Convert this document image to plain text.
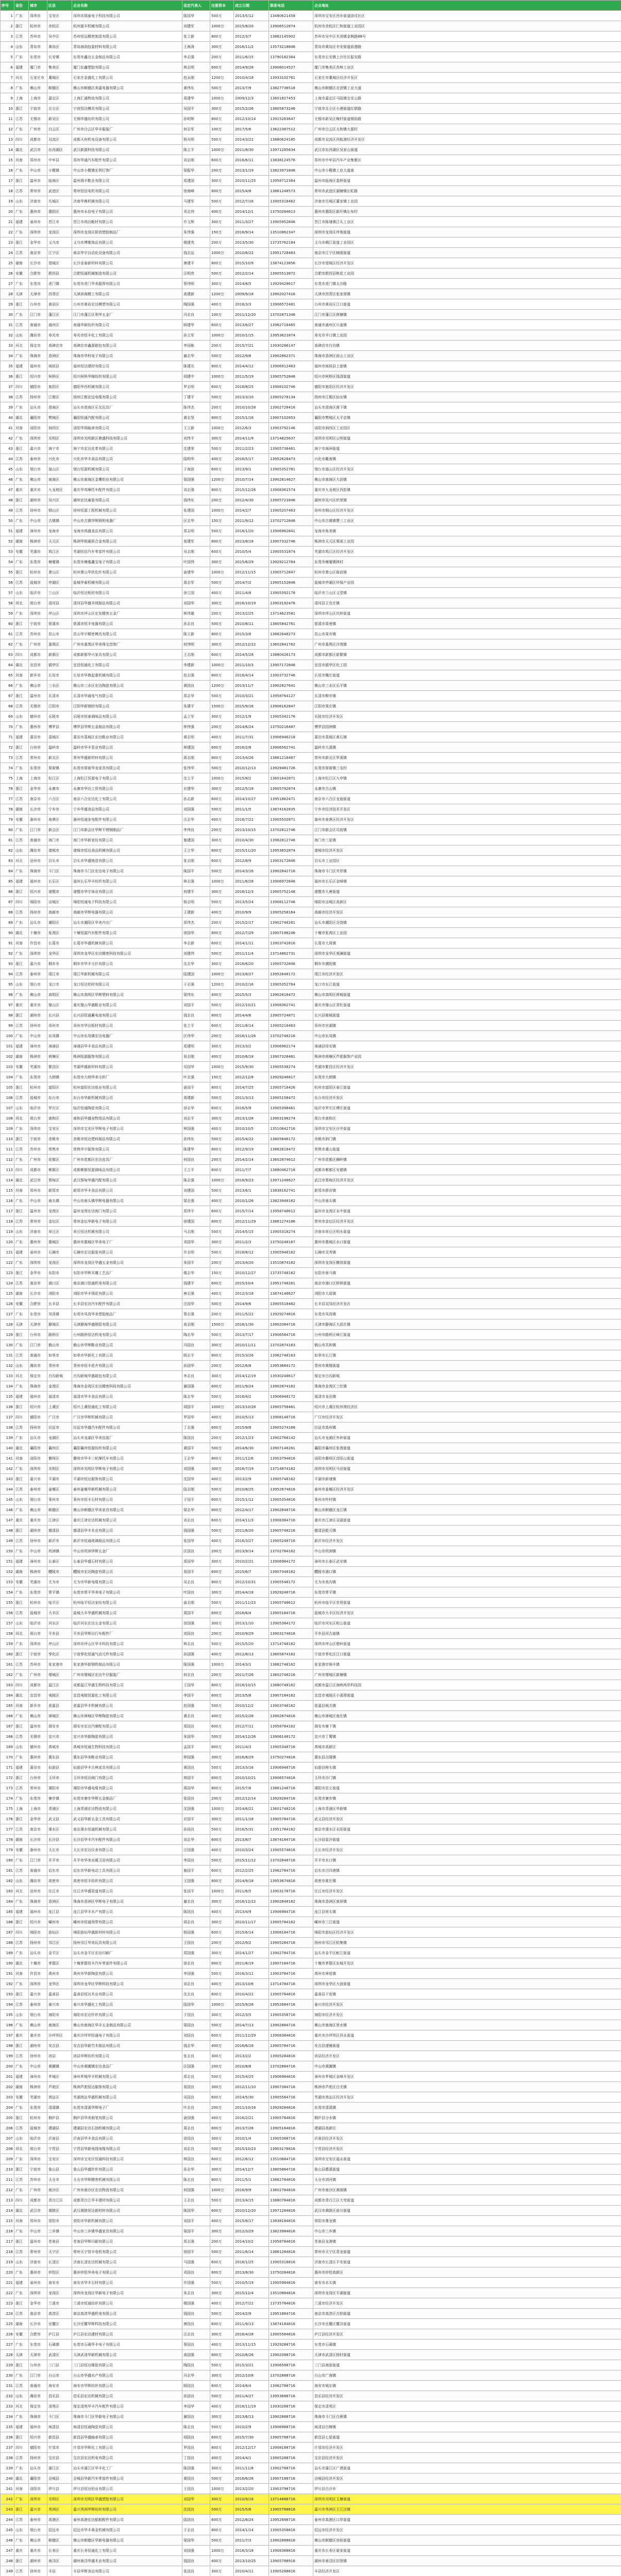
序号	省份	城市	区县	企业名称	法定代表人	注册资本	成立日期	联系电话	企业地址
1	广东	深圳市	宝安区	深圳市瑞泰电子科技有限公司	陈国华	500万	2013/5/12	13480621458	深圳市宝安区西乡街道固戍社区
2	浙江	杭州市	余杭区	杭州源丰机械有限公司	刘建军	1000万	2015/8/20	13906512874	杭州市余杭区仁和街道工业园区
3	江苏	苏州市	吴中区	苏州恒远精密制造有限公司	张立新	800万	2012/3/7	13862145902	苏州市吴中区木渎镇金枫路88号
4	山东	青岛市	黄岛区	青岛海润包装材料有限公司	王海涛	300万	2016/11/2	13573218846	青岛市黄岛区辛安街道前港路
5	广东	东莞市	长安镇	东莞市鑫达五金制品有限公司	李志强	200万	2011/6/15	13790182364	东莞市长安镇上沙社区振安路
6	福建	厦门市	集美区	厦门宏鑫塑胶有限公司	林志明	600万	2014/9/28	13906014527	厦门市集美区杏林工业区
7	河北	石家庄市	藁城区	石家庄金盛化工有限公司	赵永刚	1200万	2010/4/18	13933102761	石家庄市藁城区经济开发区
8	广东	佛山市	顺德区	佛山市顺德区美嘉电器有限公司	黄伟东	500万	2013/7/9	13827736518	佛山市顺德区北滘镇工业大道
9	上海	上海市	嘉定区	上海汇通物流有限公司	周建华	1000万	2009/12/3	13601827453	上海市嘉定区马陆镇宝安公路
10	浙江	宁波市	北仑区	宁波恒达模具有限公司	吴国平	300万	2015/2/26	13805873246	宁波市北仑区小港街道红联路
11	江苏	无锡市	新吴区	无锡华盛纺织有限公司	孙明辉	800万	2012/10/14	13915283647	无锡市新吴区梅村街道锡协路
12	广东	广州市	白云区	广州市白云区华丰服装厂	何志军	100万	2017/5/6	13622387512	广州市白云区太和镇大源村
13	四川	成都市	双流区	成都天府机电设备有限公司	杨光明	500万	2014/3/22	13880624185	成都市双流区西航港经济开发区
14	湖北	武汉市	东西湖区	武汉新源科技有限公司	陈立平	1000万	2011/8/30	13971285634	武汉市东西湖区吴家山街道
15	河南	郑州市	中牟县	郑州华通汽车配件有限公司	刘志刚	600万	2016/6/11	13838124576	郑州市中牟县汽车产业集聚区
16	广东	中山市	小榄镇	中山市小榄镇宏利灯饰厂	梁振华	200万	2013/1/19	13823971846	中山市小榄镇工业大道南
17	浙江	温州市	瓯海区	温州瑞丰鞋业有限公司	郑建国	300万	2010/11/25	13958712364	温州市瓯海区娄桥街道
18	江苏	常州市	武进区	常州恒信电机有限公司	徐海峰	800万	2015/4/8	13861248573	常州市武进区湖塘镇长虹路
19	山东	济南市	历城区	济南华鼎机械有限公司	马建军	500万	2012/7/16	13905318462	济南市历城区董家镇工业园
20	广东	惠州市	惠阳区	惠州市永信电子有限公司	邓志伟	400万	2014/12/1	13750284613	惠州市惠阳区新圩镇长布村
21	福建	泉州市	晋江市	晋江市鸿达鞋材有限公司	许文辉	300万	2011/3/27	13905952846	晋江市陈埭镇江头工业区
22	广东	深圳市	龙岗区	深圳市龙岗区联创塑胶制品厂	朱伟强	150万	2016/9/14	13510862347	深圳市龙岗区坪地街道
23	浙江	金华市	义乌市	义乌市博雅饰品有限公司	楼建英	200万	2013/5/30	13735762184	义乌市稠江街道工业园区
24	江苏	南京市	江宁区	南京华宇自动化设备有限公司	钱志远	1000万	2010/6/22	13951728463	南京市江宁区秣陵街道
25	湖南	长沙市	望城区	长沙金泰新材料有限公司	唐建平	800万	2015/10/9	13874123856	长沙市望城区经济开发区
26	安徽	合肥市	肥西县	合肥恒通机械制造有限公司	汪明亮	500万	2012/2/14	13905513872	合肥市肥西县桃花工业园
27	广东	东莞市	虎门镇	东莞市虎门华美服饰有限公司	蔡伟明	300万	2014/8/5	13929428617	东莞市虎门镇太沙路
28	天津	天津市	西青区	天津滨海精工有限公司	高建新	1200万	2009/9/18	13902027416	天津市西青区张家窝镇
29	浙江	台州市	黄岩区	台州市黄岩宏达模塑有限公司	陶国强	400万	2016/3/3	13906572481	台州市黄岩区江口街道
30	广东	江门市	蓬江区	江门市蓬江区利华五金厂	冯志良	100万	2011/12/20	13702871346	江门市蓬江区荷塘镇
31	江苏	南通市	通州区	南通华新纺织有限公司	顾建华	600万	2013/6/27	13962718465	南通市通州区川姜镇
32	山东	潍坊市	寿光市	寿光市恒丰化工有限公司	孙立军	1000万	2010/1/15	13953621874	寿光市羊口镇工业园
33	河北	保定市	高碑店市	高碑店市鑫源箱包有限公司	李国栋	200万	2015/7/21	13930286147	高碑店市白沟镇
34	广东	珠海市	香洲区	珠海市华科电子有限公司	谢志华	500万	2012/9/6	13902862371	珠海市香洲区前山工业区
35	福建	福州市	闽侯县	福州恒达建材有限公司	陈建光	800万	2014/4/12	13906912463	福州市闽侯县上街镇
36	浙江	绍兴市	柯桥区	绍兴柯桥华锦纺织有限公司	胡建中	1000万	2011/5/19	13905752846	绍兴市柯桥区钱清街道
37	四川	德阳市	旌阳区	德阳华西机械有限公司	罗志明	600万	2016/8/25	13908102746	德阳市旌阳区经济开发区
38	江苏	扬州市	江都区	扬州江都宏远电缆有限公司	丁建平	500万	2013/3/10	13905278134	扬州市江都区仙女镇
39	广东	汕头市	澄海区	汕头市澄海区乐友玩具厂	陈伟杰	200万	2010/10/28	13902728416	汕头市澄海区莲下镇
40	湖北	襄阳市	樊城区	襄阳恒通汽配有限公司	黄志坚	800万	2015/1/16	13907102853	襄阳市樊城区太平店镇
41	河南	洛阳市	涧西区	洛阳华瑞轴承有限公司	王立新	1000万	2012/6/3	13903792146	洛阳市涧西区工业园区
42	广东	深圳市	光明区	深圳市光明新区鼎盛科技有限公司	刘伟平	300万	2014/11/9	13714825637	深圳市光明区公明街道
43	浙江	嘉兴市	海宁市	海宁市宏达皮革有限公司	沈建荣	500万	2011/2/23	13905738461	海宁市海洲街道
44	江苏	泰州市	兴化市	兴化市华丰食品有限公司	陆明华	400万	2016/5/17	13952628473	兴化市戴南镇
45	山东	烟台市	福山区	烟台恒源机械有限公司	于海波	600万	2013/9/1	13905352781	烟台市福山区经济开发区
46	广东	佛山市	南海区	佛山市南海区金鹰铝业有限公司	梁国强	1200万	2010/7/14	13902814627	佛山市南海区大沥镇
47	重庆	重庆市	九龙坡区	重庆华邦摩托车配件有限公司	刘志强	800万	2015/12/26	13908361574	重庆市九龙坡区西彭镇
48	浙江	湖州市	吴兴区	湖州宏达童装有限公司	钱伟东	200万	2012/4/30	13905721846	湖州市吴兴区织里镇
49	江苏	徐州市	铜山区	徐州恒源工程机械有限公司	张建国	1000万	2014/2/7	13905207463	徐州市铜山区经济开发区
50	广东	中山市	古镇镇	中山市古镇华辉照明电器厂	区志华	150万	2011/9/12	13702712846	中山市古镇镇曹三工业区
51	福建	漳州市	龙海市	龙海市鸿盛食品有限公司	郑志明	500万	2016/1/20	13906962841	龙海市角美镇
52	湖南	株洲市	天元区	株洲华锐硬质合金有限公司	易建军	800万	2013/8/18	13907332746	株洲市天元区栗雨工业园
53	安徽	芜湖市	鸠江区	芜湖恒信汽车零部件有限公司	吴志刚	600万	2010/5/4	13905531874	芜湖市鸠江区经济开发区
54	广东	东莞市	塘厦镇	东莞市塘厦鑫宝电子有限公司	叶国伟	300万	2015/6/29	13929212764	东莞市塘厦镇林村
55	浙江	杭州市	萧山区	杭州萧山华欣化纤有限公司	俞建华	1000万	2012/11/15	13905712847	杭州市萧山区衙前镇
56	江苏	盐城市	亭湖区	盐城华泰机械有限公司	周志军	500万	2014/7/2	13905152846	盐城市亭湖区环保产业园
57	山东	临沂市	兰山区	临沂恒达板材有限公司	徐立国	400万	2011/4/8	13905392178	临沂市兰山区义堂镇
58	河北	邢台市	清河县	清河县华盛羊绒制品有限公司	刘国华	300万	2016/10/19	13903192476	清河县王官庄镇
59	广东	深圳市	坪山区	深圳市坪山区宏发精密五金厂	林伟雄	200万	2013/2/25	13714623581	深圳市坪山区坑梓街道
60	浙江	宁波市	慈溪市	慈溪市恒丰电器有限公司	孙志良	500万	2010/8/11	13805842761	慈溪市周巷镇
61	江苏	苏州市	昆山市	昆山华宇精密模具有限公司	陈立新	800万	2015/3/6	13862648273	昆山市周市镇
62	广东	广州市	番禺区	广州市番禺区华美珠宝首饰厂	何伟明	300万	2012/12/22	13602841762	广州市番禺区沙湾镇
63	四川	成都市	新都区	成都新都华兴家具有限公司	王志刚	600万	2014/5/28	13880426173	成都市新都区新繁镇
64	湖北	宜昌市	猇亭区	宜昌恒通化工有限公司	李建新	1000万	2011/10/3	13907172846	宜昌市猇亭区化工园
65	河南	新乡市	长垣市	长垣市华鼎起重机械有限公司	赵志强	800万	2016/4/14	13903732746	长垣市魏庄街道
66	广东	佛山市	三水区	佛山市三水区宏达陶瓷有限公司	黄国良	1200万	2013/11/7	13902827641	佛山市三水区乐平镇
67	浙江	温州市	乐清市	乐清市华通电气有限公司	郑志华	500万	2010/3/21	13958764127	乐清市柳市镇
68	江苏	无锡市	江阴市	江阴华新钢材有限公司	朱建平	1500万	2015/9/16	13906162847	江阴市周庄镇
69	山东	德州市	乐陵市	乐陵市恒泰调味品有限公司	孟立军	300万	2012/1/9	13905342176	乐陵市经济开发区
70	广东	惠州市	博罗县	博罗县华辉五金制品有限公司	钟伟强	200万	2014/6/24	13750216487	博罗县园洲镇
71	福建	莆田市	荔城区	莆田市荔城区宏达鞋业有限公司	黄志明	400万	2011/7/31	13906946218	莆田市荔城区黄石镇
72	浙江	台州市	温岭市	温岭市华丰泵业有限公司	林建国	600万	2016/2/8	13906562741	温岭市大溪镇
73	江苏	常州市	新北区	常州华盛新材料有限公司	蒋志刚	800万	2013/4/26	13861218467	常州市新北区罗溪镇
74	广东	东莞市	厚街镇	东莞市厚街华龙家具有限公司	张伟华	500万	2010/12/13	13929481726	东莞市厚街镇三屯村
75	上海	上海市	松江区	上海松江恒源电子有限公司	沈立平	1000万	2015/8/2	13601642871	上海市松江区九亭镇
76	浙江	金华市	永康市	永康市华达工贸有限公司	应建华	300万	2012/5/18	13905792874	永康市古山镇
77	江苏	南京市	六合区	南京六合宏达化工有限公司	孙志新	600万	2014/10/27	13951862471	南京市六合区龙袍街道
78	湖南	长沙市	宁乡市	宁乡华盛食品有限公司	刘国强	500万	2011/1/5	13874162835	宁乡市经济技术开发区
79	安徽	滁州市	南谯区	滁州恒通家电配件有限公司	汪志华	400万	2016/7/22	13905502871	滁州市南谯区经济开发区
80	广东	江门市	新会区	江门市新会区华辉不锈钢制品厂	李伟良	200万	2013/10/15	13702812746	江门市新会区司前镇
81	江苏	南通市	海门市	海门市华新家纺有限公司	施建国	300万	2010/4/30	13962812746	海门市三星镇
82	山东	潍坊市	诸城市	诸城市恒达食品机械有限公司	王立华	800万	2015/11/20	13953652874	诸城市经济开发区
83	河北	沧州市	泊头市	泊头市华盛铸造有限公司	张志刚	600万	2012/8/9	13903172846	泊头市工业园区
84	广东	珠海市	斗门区	珠海市斗门区宏达电子有限公司	陈国平	500万	2014/3/16	13902842716	珠海市斗门区井岸镇
85	福建	福州市	长乐区	福州长乐华丰纺织有限公司	林志强	1000万	2011/6/28	13906972846	福州市长乐区金峰镇
86	浙江	绍兴市	诸暨市	诸暨市华宇袜业有限公司	何建平	300万	2016/12/3	13905752148	诸暨市大唐街道
87	四川	绵阳市	涪城区	绵阳恒通电子科技有限公司	杨志明	500万	2013/5/24	13908112746	绵阳市涪城区高新区
88	江苏	扬州市	高邮市	高邮市华辉电器有限公司	王建新	400万	2010/9/9	13905258164	高邮市经济开发区
89	广东	汕头市	潮阳区	汕头市潮阳区华美内衣厂	郑伟杰	200万	2015/2/17	13902748261	汕头市潮阳区谷饶镇
90	湖北	十堰市	张湾区	十堰恒源汽车配件有限公司	徐国华	800万	2012/7/29	13907198246	十堰市张湾区工业园
91	河南	许昌市	长葛市	长葛市华盛机械有限公司	李志新	600万	2014/1/11	13903742816	长葛市大周镇
92	广东	深圳市	龙华区	深圳市龙华区宏达精密科技有限公司	刘建伟	500万	2011/11/4	13714862731	深圳市龙华区观澜街道
93	浙江	嘉兴市	桐乡市	桐乡市华丰毛衫有限公司	沈志华	300万	2016/6/20	13905732846	桐乡市濮院镇
94	江苏	泰州市	靖江市	靖江华新机械有限公司	陆建国	1000万	2013/8/27	13952648172	靖江市经济开发区
95	山东	烟台市	龙口市	龙口恒达铝材有限公司	于志强	1200万	2010/2/16	13905352764	龙口市东江街道
96	广东	佛山市	高明区	佛山市高明区华辉塑料有限公司	梁伟东	400万	2015/5/3	13902816472	佛山市高明区荷城街道
97	重庆	重庆市	璧山区	重庆璧山华盛鞋业有限公司	刘国平	500万	2012/10/21	13908362741	重庆市璧山区青杠街道
98	浙江	湖州市	长兴县	长兴县恒通蓄电池有限公司	钱志良	800万	2014/4/6	13905724871	长兴县雉城街道
99	江苏	徐州市	邳州市	邳州市华达板材有限公司	张立平	600万	2011/8/14	13905218463	邳州市官湖镇
100	广东	中山市	东凤镇	中山市东凤镇宏达电器厂	区伟华	200万	2016/11/26	13702748216	中山市东凤镇
101	福建	漳州市	漳浦县	漳浦县华丰食品有限公司	郑建明	300万	2013/3/2	13906962174	漳浦县绥安镇
102	湖南	株洲市	荷塘区	株洲恒源服饰有限公司	易志刚	400万	2010/6/18	13907328461	株洲市荷塘区芦淞服饰产业园
103	安徽	芜湖市	繁昌区	芜湖华盛新材料有限公司	吴国华	1000万	2015/9/30	13905538274	芜湖市繁昌区经济开发区
104	广东	东莞市	大朗镇	东莞市大朗华美毛织厂	叶志强	150万	2012/12/8	13929246817	东莞市大朗镇
105	浙江	杭州市	富阳区	杭州富阳宏达纸业有限公司	俞国平	800万	2014/7/25	13905718426	杭州市富阳区春江街道
106	江苏	盐城市	东台市	东台市华新机械有限公司	周建新	500万	2011/3/13	13905158472	东台市经济开发区
107	山东	临沂市	罗庄区	临沂恒通陶瓷有限公司	徐志华	600万	2016/5/9	13905398461	临沂市罗庄区傅庄街道
108	河北	邢台市	南和区	南和县华盛宠物用品有限公司	刘志平	300万	2013/1/28	13903198274	邢台市南和区
109	广东	深圳市	宝安区	深圳市宝安区华辉电子有限公司	林国强	400万	2010/10/5	13510842716	深圳市宝安区沙井街道
110	浙江	宁波市	余姚市	余姚市恒达塑料制品有限公司	孙伟东	500万	2015/4/22	13805846172	余姚市泗门镇
111	江苏	苏州市	常熟市	常熟华宇服饰有限公司	陈建华	800万	2012/9/19	13862618472	常熟市虞山街道
112	广东	广州市	花都区	广州市花都区宏达皮具厂	何国良	200万	2014/2/14	13602874612	广州市花都区狮岭镇
113	四川	成都市	郫都区	成都郫都恒源调味品有限公司	王立平	600万	2011/7/7	13880462718	成都市郫都区安德镇
114	湖北	武汉市	蔡甸区	武汉蔡甸华盛汽配有限公司	陈志强	1000万	2016/9/23	13971248627	武汉市蔡甸区经济开发区
115	河南	郑州市	新郑市	新郑市华丰食品有限公司	刘建国	500万	2013/6/1	13838162741	新郑市薛店镇
116	广东	中山市	南头镇	中山市南头镇华辉电器有限公司	梁志强	400万	2010/1/26	13823948162	中山市南头镇
117	浙江	温州市	龙湾区	温州龙湾宏达阀门有限公司	郑伟平	600万	2015/7/14	13958748612	温州市龙湾区永中街道
118	江苏	常州市	金坛区	常州金坛华新电子有限公司	徐建国	800万	2012/11/29	13861274186	常州市金坛区经济开发区
119	山东	济南市	章丘区	章丘恒达机械有限公司	马志刚	500万	2014/5/15	13905318274	济南市章丘区明水街道
120	广东	惠州市	惠城区	惠州市惠城区华美电子厂	邓国华	300万	2011/2/3	13750248167	惠州市惠城区水口街道
121	福建	泉州市	石狮市	石狮市宏达服装有限公司	许志明	500万	2016/8/12	13905948162	石狮市灵秀镇
122	广东	深圳市	龙岗区	深圳市龙岗区华盛五金有限公司	朱国平	200万	2013/4/20	13510874162	深圳市龙岗区横岗街道
123	浙江	金华市	东阳市	东阳市华辉木雕工艺品厂	楼志华	150万	2010/12/27	13735748162	东阳市南马镇
124	江苏	南京市	浦口区	南京浦口恒通机电有限公司	钱建平	600万	2015/10/4	13951748261	南京市浦口区桥林街道
125	湖南	长沙市	浏阳市	浏阳市华丰烟花有限公司	唐志强	400万	2012/3/18	13874148627	浏阳市大瑶镇
126	安徽	合肥市	长丰县	长丰县宏达汽车配件有限公司	汪国华	500万	2014/9/6	13905518462	长丰县双凤经济开发区
127	广东	东莞市	凤岗镇	东莞市凤岗华美塑胶制品厂	蔡志强	200万	2011/5/22	13929274816	东莞市凤岗镇
128	天津	天津市	静海区	天津静海华盛钢管有限公司	高志刚	1500万	2016/1/30	13902084716	天津市静海区大邱庄镇
129	浙江	台州市	路桥区	台州路桥恒达机电有限公司	陶志华	500万	2013/7/17	13906584716	台州市路桥区峰江街道
130	广东	江门市	鹤山市	鹤山市华辉鞋业有限公司	冯国良	300万	2010/11/11	13702874163	鹤山市共和镇
131	江苏	南通市	如皋市	如皋市华新化工有限公司	顾志平	800万	2015/3/26	13962748163	如皋市长江镇
132	山东	潍坊市	青州市	青州市恒丰花卉有限公司	孙国华	200万	2012/6/8	13953684172	青州市黄楼街道
133	河北	保定市	白沟新城	白沟新城华盛箱包有限公司	李志良	300万	2014/12/19	13930248617	保定市白沟新城
134	广东	珠海市	金湾区	珠海市金湾区宏达精密科技有限公司	谢国强	600万	2011/9/24	13902874162	珠海市金湾区三灶镇
135	福建	福州市	福清市	福清市华丰食品有限公司	陈志华	500万	2016/4/2	13906948172	福清市龙田镇
136	浙江	绍兴市	上虞区	绍兴上虞恒通化工有限公司	胡国平	1000万	2013/10/28	13905758461	绍兴市上虞区杭州湾经济区
137	四川	德阳市	广汉市	广汉市华辉机械有限公司	罗国华	400万	2010/5/13	13908148716	广汉市经济开发区
138	江苏	扬州市	仪征市	仪征市华盛汽车配件有限公司	丁志强	600万	2015/8/8	13905274168	仪征市真州镇
139	广东	汕头市	龙湖区	汕头市龙湖区华美包装厂	陈国良	200万	2012/1/23	13902768142	汕头市龙湖区外砂街道
140	湖北	襄阳市	襄州区	襄阳襄州恒源纺织有限公司	黄国平	500万	2014/6/30	13907148261	襄阳市襄州区张湾街道
141	河南	洛阳市	偃师区	偃师市华丰三轮摩托车有限公司	王志华	800万	2011/12/6	13903794816	洛阳市偃师区首阳山街道
142	广东	深圳市	光明区	深圳市光明区华辉电子有限公司	刘国强	300万	2016/7/19	13714874162	深圳市光明区马田街道
143	浙江	嘉兴市	平湖市	平湖市恒达服饰有限公司	沈国华	400万	2013/2/9	13905748162	平湖市新埭镇
144	江苏	泰州市	姜堰区	泰州姜堰华新机械有限公司	陆志刚	500万	2010/8/25	13952674816	泰州市姜堰区经济开发区
145	山东	烟台市	莱州市	莱州市恒丰石材有限公司	于国平	600万	2015/1/12	13905354816	莱州市柞村镇
146	广东	佛山市	顺德区	佛山市顺德区华美家具有限公司	梁志华	800万	2012/4/17	13902848716	佛山市顺德区龙江镇
147	重庆	重庆市	江津区	重庆江津宏达机械有限公司	刘志良	600万	2014/11/3	13908384716	重庆市江津区双福街道
148	浙江	湖州市	德清县	德清县华丰木业有限公司	钱国强	500万	2011/6/20	13905748216	德清县乾元镇
149	江苏	徐州市	新沂市	新沂市恒通玻璃制品有限公司	张国华	400万	2016/3/27	13905248716	新沂市经济开发区
150	广东	中山市	坦洲镇	中山市坦洲华辉五金厂	区国良	200万	2013/9/14	13702784162	中山市坦洲镇
151	福建	漳州市	长泰区	长泰县华盛石材有限公司	郑国华	300万	2010/2/21	13906984172	漳州市长泰区武安镇
152	湖南	株洲市	醴陵市	醴陵市宏达陶瓷有限公司	易国平	600万	2015/6/7	13907348162	醴陵市浦口镇
153	安徽	芜湖市	无为市	无为市华新电缆有限公司	吴志良	800万	2012/10/31	13905548172	无为市高沟镇
154	广东	东莞市	常平镇	东莞市常平华美电子有限公司	叶国良	300万	2014/4/18	13929248716	东莞市常平镇
155	浙江	杭州市	临平区	杭州临平恒达家纺有限公司	俞志刚	500万	2011/11/23	13905748612	杭州市临平区崇贤街道
156	江苏	盐城市	大丰区	盐城大丰华盛机械有限公司	周国平	600万	2016/6/4	13905184716	盐城市大丰区经济开发区
157	山东	临沂市	河东区	临沂河东宏达五金有限公司	徐国强	300万	2013/1/10	13905384172	临沂市河东区相公街道
158	河北	邢台市	平乡县	平乡县华辉自行车配件厂	刘国良	200万	2010/9/29	13903174816	平乡县河古庙镇
159	广东	深圳市	坪山区	深圳市坪山区华丰科技有限公司	林志良	500万	2015/5/20	13714748162	深圳市坪山区碧岭街道
160	浙江	宁波市	奉化区	宁波奉化恒通气动元件有限公司	孙国强	400万	2012/8/13	13805874162	宁波市奉化区江口街道
161	江苏	苏州市	张家港市	张家港华新钢铁制品有限公司	陈国强	1000万	2014/3/1	13862748162	张家港市锦丰镇
162	广东	广州市	增城区	广州市增城区宏达牛仔服装厂	何志良	200万	2011/7/26	13602748216	广州市增城区新塘镇
163	四川	成都市	温江区	成都温江华盛生物科技有限公司	王国华	800万	2016/10/15	13880748162	成都市温江区海峡两岸科技园
164	湖北	宜昌市	夷陵区	宜昌夷陵恒源化工有限公司	李国平	600万	2013/5/8	13907184162	宜昌市夷陵区小溪塔街道
165	河南	新乡市	获嘉县	获嘉县华丰机械有限公司	赵国强	500万	2010/12/2	13903748162	获嘉县城关镇
166	广东	佛山市	禅城区	佛山市禅城区华辉陶瓷有限公司	黄志良	400万	2015/2/28	13902874816	佛山市禅城区南庄镇
167	浙江	温州市	瑞安市	瑞安市宏达汽摩配有限公司	郑国良	600万	2012/7/11	13958784162	瑞安市塘下镇
168	江苏	无锡市	宜兴市	宜兴市华新陶瓷有限公司	朱国华	500万	2014/12/26	13906148172	宜兴市丁蜀镇
169	山东	德州市	禹城市	禹城市恒通生物科技有限公司	孟国平	800万	2011/4/3	13905348716	禹城市高新区
170	广东	惠州市	惠东县	惠东县华美鞋业有限公司	钟国强	300万	2016/8/29	13750274816	惠东县吉隆镇
171	福建	莆田市	仙游县	仙游县华丰古典家具有限公司	黄国良	500万	2013/3/16	13906948716	仙游县榜头镇
172	浙江	台州市	玉环市	玉环市恒达阀门有限公司	林国平	600万	2010/10/21	13906574816	玉环市沙门镇
173	江苏	常州市	溧阳市	溧阳市华盛电缆有限公司	蒋国华	800万	2015/7/6	13861248716	溧阳市昆仑街道
174	广东	东莞市	寮步镇	东莞市寮步华辉五金制品厂	张国良	200万	2012/12/14	13929284716	东莞市寮步镇
175	上海	上海市	青浦区	上海青浦宏达物流有限公司	沈国强	1000万	2014/6/21	13601748216	上海市青浦区华新镇
176	浙江	金华市	武义县	武义县华新五金工具有限公司	应国平	300万	2011/1/18	13905784716	武义县经济开发区
177	江苏	南京市	溧水区	南京溧水恒通机械有限公司	孙国良	500万	2016/5/31	13951784162	南京市溧水区永阳街道
178	湖南	长沙市	长沙县	长沙县华丰汽车配件有限公司	刘志华	600万	2013/8/7	13874184716	长沙县星沙街道
179	安徽	滁州市	天长市	天长市宏达仪表有限公司	汪国强	400万	2010/3/24	13905574816	天长市经济开发区
180	广东	江门市	开平市	开平市华美水暖卫浴有限公司	李国良	500万	2015/11/12	13702848716	开平市水口镇
181	江苏	南通市	启东市	启东市华新电动工具有限公司	施国平	600万	2012/2/25	13962784716	启东市吕四港镇
182	山东	潍坊市	高密市	高密市恒丰纺织有限公司	王国强	800万	2014/9/18	13953674816	高密市夏庄镇
183	河北	沧州市	任丘市	任丘市华盛管道有限公司	张国平	1000万	2011/6/5	13903178716	任丘市经济开发区
184	广东	珠海市	香洲区	珠海市香洲区华辉电子有限公司	谢志良	300万	2016/12/22	13902848162	珠海市香洲区南屏镇
185	福建	福州市	连江县	连江县华丰水产有限公司	陈国良	400万	2013/4/9	13906984716	连江县琯头镇
186	浙江	绍兴市	嵊州市	嵊州市恒通领带有限公司	胡志良	300万	2010/11/17	13905784162	嵊州市三江街道
187	四川	绵阳市	游仙区	绵阳游仙华盛新材料有限公司	杨国强	600万	2015/6/14	13908184716	绵阳市游仙区经济开发区
188	江苏	扬州市	邗江区	扬州邗江华美玩具有限公司	王国良	200万	2012/9/2	13905284716	扬州市邗江区杭集镇
189	广东	汕头市	金平区	汕头市金平区宏达印刷厂	郑国强	300万	2014/1/27	13902784716	汕头市金平区鮀江街道
190	湖北	十堰市	茅箭区	十堰茅箭恒丰汽车零部件有限公司	徐志良	800万	2011/8/19	13907184716	十堰市茅箭区东城开发区
191	河南	许昌市	禹州市	禹州市华新陶瓷有限公司	李国强	500万	2016/3/11	13903784716	禹州市神垕镇
192	广东	深圳市	龙华区	深圳市龙华区华辉科技有限公司	刘志良	400万	2013/10/6	13714784716	深圳市龙华区大浪街道
193	浙江	嘉兴市	嘉善县	嘉善县恒达木业有限公司	沈志良	600万	2010/4/22	13905784816	嘉善县干窑镇
194	江苏	泰州市	泰兴市	泰兴市华盛化工有限公司	陆国华	1000万	2015/9/28	13952684716	泰兴市经济开发区
195	山东	烟台市	海阳市	海阳市宏达针织有限公司	于国良	300万	2012/3/5	13905358716	海阳市经济开发区
196	广东	佛山市	南海区	佛山市南海区华丰五金制品有限公司	梁国良	500万	2014/7/13	13902884716	佛山市南海区里水镇
197	重庆	重庆市	沙坪坝区	重庆沙坪坝恒通电子有限公司	刘国良	600万	2011/12/29	13908384816	重庆市沙坪坝区西永街道
198	浙江	湖州市	安吉县	安吉县华新竹木制品有限公司	钱志华	400万	2016/6/16	13905784716	安吉县递铺街道
199	江苏	徐州市	沛县	沛县华辉纺织有限公司	张志良	300万	2013/2/2	13905284816	沛县经济开发区
200	广东	中山市	黄圃镇	中山市黄圃镇宏达食品厂	区国强	200万	2010/8/8	13702884716	中山市黄圃镇
201	福建	漳州市	芗城区	漳州芗城华丰机械有限公司	郑志良	500万	2015/4/25	13906984816	漳州市芗城区金峰开发区
202	湖南	株洲市	芦淞区	株洲芦淞恒达服饰有限公司	易国良	300万	2012/11/10	13907384716	株洲市芦淞区白关镇
203	安徽	芜湖市	湾沚区	芜湖湾沚华盛机械有限公司	吴国良	600万	2014/5/30	13905584716	芜湖市湾沚区经济开发区
204	广东	东莞市	清溪镇	东莞市清溪华辉电子厂	叶志良	200万	2011/10/16	13929284816	东莞市清溪镇
205	浙江	杭州市	桐庐县	桐庐县华美制笔有限公司	俞国强	400万	2016/2/21	13905784816	桐庐县分水镇
206	江苏	盐城市	建湖县	建湖县宏达石油机械有限公司	周志良	800万	2013/7/28	13905184816	建湖县高新区
207	山东	临沂市	沂南县	沂南县华丰食品有限公司	徐国良	300万	2010/1/4	13905388716	沂南县经济开发区
208	河北	邢台市	宁晋县	宁晋县华新电线电缆有限公司	刘志良	500万	2015/10/23	13903178816	宁晋县经济开发区
209	广东	深圳市	宝安区	深圳市宝安区恒通科技有限公司	林国良	600万	2012/6/12	13510884716	深圳市宝安区福永街道
210	浙江	宁波市	象山县	象山县华盛针织有限公司	孙志华	300万	2014/12/7	13805884716	象山县爵溪街道
211	江苏	苏州市	太仓市	太仓市华辉精密机械有限公司	陈志良	800万	2011/5/1	13862784816	太仓市浏河镇
212	广东	广州市	南沙区	广州市南沙区宏达物流有限公司	何国强	1000万	2016/9/9	13602784816	广州市南沙区黄阁镇
213	四川	成都市	青白江区	成都青白江华丰建材有限公司	王志良	500万	2013/4/15	13880784816	成都市青白江区大弯街道
214	湖北	武汉市	黄陂区	武汉黄陂恒达新材料有限公司	陈国华	600万	2010/12/20	13971284816	武汉市黄陂区前川街道
215	河南	郑州市	荥阳市	荥阳市华新机械有限公司	刘国平	400万	2015/8/17	13838184816	荥阳市豫龙镇
216	广东	中山市	三乡镇	中山市三乡镇华盛家具有限公司	梁国平	300万	2012/3/29	13823984816	中山市三乡镇
217	浙江	温州市	苍南县	苍南县华辉印刷有限公司	郑志强	200万	2014/10/2	13958784816	苍南县龙港镇
218	江苏	常州市	天宁区	常州天宁恒丰电机有限公司	徐国平	500万	2011/6/14	13861284816	常州市天宁区青龙街道
219	山东	济南市	长清区	济南长清宏达机械有限公司	马国强	600万	2016/1/25	13905318816	济南市长清区平安街道
220	广东	惠州市	仲恺区	惠州仲恺华美电子有限公司	邓国良	800万	2013/8/30	13750284816	惠州市仲恺高新区
221	福建	泉州市	南安市	南安市华丰石材有限公司	许国强	500万	2010/5/19	13905984816	南安市水头镇
222	广东	深圳市	龙岗区	深圳市龙岗区华新电子有限公司	朱志良	300万	2015/12/4	13510884816	深圳市龙岗区平湖街道
223	浙江	金华市	兰溪市	兰溪市恒通纺织有限公司	楼国强	400万	2012/7/22	13735784816	兰溪市经济开发区
224	江苏	南京市	高淳区	南京高淳华盛机电有限公司	钱国良	500万	2014/2/9	13951884716	南京市高淳区古柏街道
225	湖南	长沙市	岳麓区	长沙岳麓华辉科技有限公司	唐国良	600万	2011/9/13	13874184816	长沙市岳麓区麓谷街道
226	安徽	合肥市	庐江县	庐江县宏达建材有限公司	汪志良	300万	2016/4/28	13905584816	庐江县经济开发区
227	广东	东莞市	石碣镇	东莞市石碣华丰电子有限公司	蔡国良	400万	2013/11/15	13929288716	东莞市石碣镇
228	天津	天津市	武清区	天津武清华新机械有限公司	高国强	800万	2010/6/26	13902088716	天津市武清区杨村街道
229	浙江	台州市	三门县	三门县恒达橡胶有限公司	陶国良	500万	2015/3/21	13906588716	三门县海游街道
230	广东	江门市	台山市	台山市华盛水产有限公司	冯志华	300万	2012/10/8	13702888716	台山市广海镇
231	江苏	南通市	海安市	海安市华辉纺织有限公司	顾国良	600万	2014/8/4	13962788716	海安市城东镇
232	山东	潍坊市	昌乐县	昌乐县宏达机械有限公司	孙国良	500万	2011/4/27	13953688716	昌乐县经济开发区
233	河北	保定市	清苑区	保定清苑华丰汽车配件有限公司	李国华	400万	2016/11/19	13930288716	保定市清苑区
234	广东	珠海市	斗门区	珠海市斗门区华新电子有限公司	谢国良	300万	2013/6/13	13902888716	珠海市斗门区白蕉镇
235	福建	福州市	闽清县	闽清县恒通陶瓷有限公司	陈志良	500万	2010/2/9	13906988716	闽清县白樟镇
236	浙江	绍兴市	新昌县	新昌县华盛轴承有限公司	胡国良	600万	2015/7/30	13905788716	新昌县七星街道
237	四川	德阳市	什邡市	什邡市华辉化工有限公司	罗国良	800万	2012/12/17	13908188716	什邡市经济开发区
238	江苏	扬州市	宝应县	宝应县宏达机电有限公司	丁国良	400万	2014/4/1	13905288716	宝应县经济开发区
239	广东	汕头市	濠江区	汕头市濠江区华丰化工厂	陈国强	300万	2011/11/8	13902788716	汕头市濠江区广澳街道
240	湖北	襄阳市	谷城县	谷城县华新汽车零部件有限公司	黄国良	500万	2016/6/26	13907188716	谷城县经济开发区
241	河南	洛阳市	伊川县	伊川县恒达铝业有限公司	王国良	1000万	2013/2/20	13903798716	伊川县白沙乡
242	广东	深圳市	光明区	深圳市光明区华盛塑胶有限公司	刘国华	300万	2010/9/16	13714888716	深圳市光明区玉塘街道
243	浙江	嘉兴市	秀洲区	嘉兴秀洲华辉纺织有限公司	沈国良	500万	2015/5/6	13905788816	嘉兴市秀洲区王江泾镇
244	江苏	泰州市	高港区	泰州高港宏达船舶配件有限公司	陆国良	600万	2012/8/24	13952688716	泰州市高港区口岸街道
245	山东	烟台市	招远市	招远市华丰黄金机械有限公司	于志良	800万	2014/1/14	13905358816	招远市经济开发区
246	广东	佛山市	顺德区	佛山市顺德区华新电器有限公司	梁国华	500万	2011/7/3	13902888816	佛山市顺德区容桂街道
247	重庆	重庆市	长寿区	重庆长寿恒通化工有限公司	刘国强	1000万	2016/3/18	13908388816	重庆市长寿区晏家街道
248	浙江	湖州市	南浔区	湖州南浔华盛木业有限公司	钱国良	400万	2013/10/25	13905788916	湖州市南浔区旧馆镇
249	江苏	徐州市	丰县	丰县华辉食品有限公司	张国良	300万	2010/4/11	13905288816	丰县经济开发区
